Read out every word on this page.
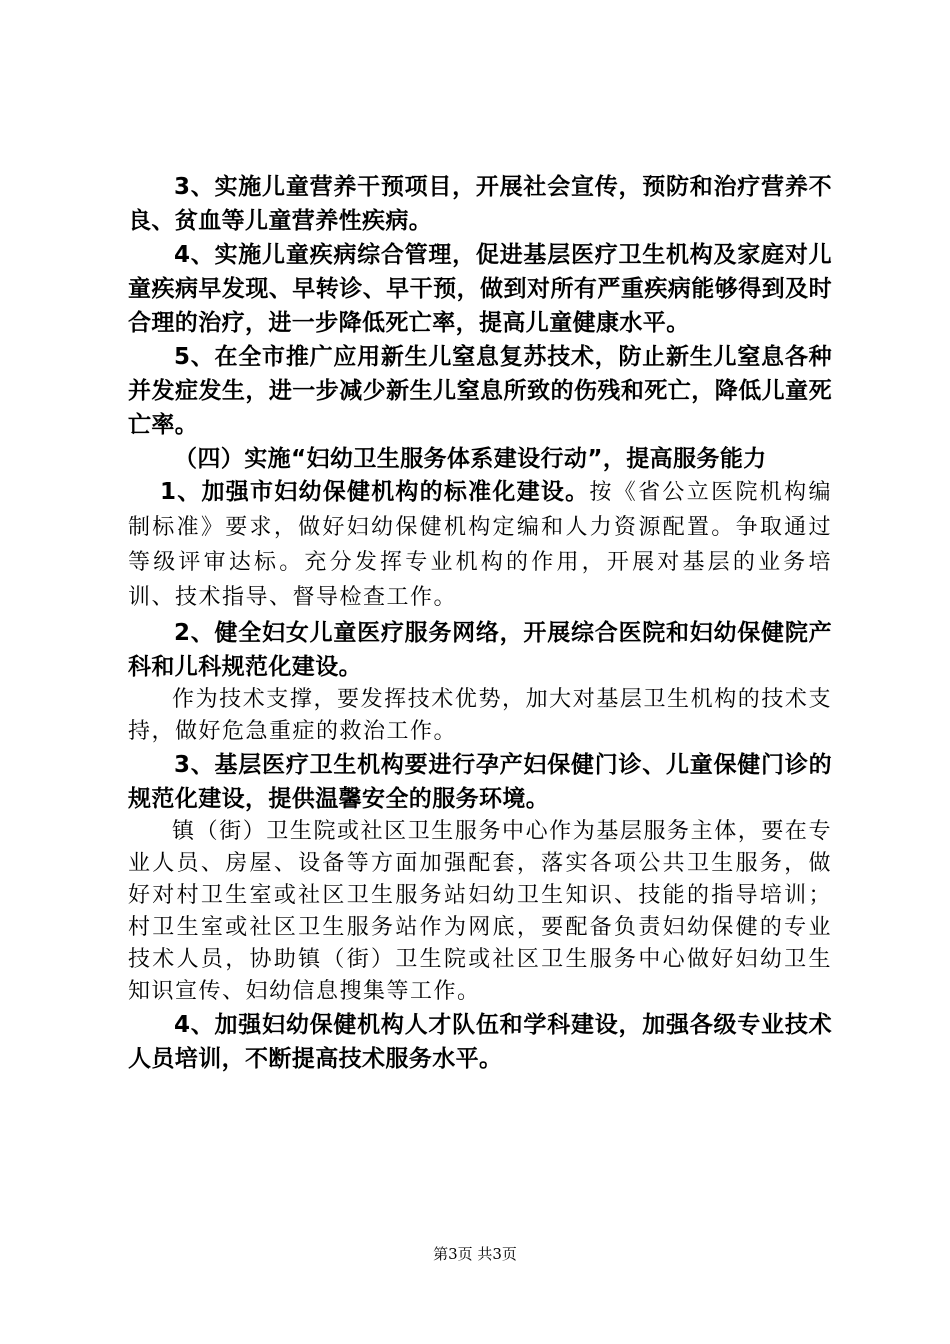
3、实施儿童营养干预项目，开展社会宣传，预防和治疗营养不良、贫血等儿童营养性疾病。

4、实施儿童疾病综合管理，促进基层医疗卫生机构及家庭对儿童疾病早发现、早转诊、早干预，做到对所有严重疾病能够得到及时合理的治疗，进一步降低死亡率，提高儿童健康水平。

5、在全市推广应用新生儿窒息复苏技术，防止新生儿窒息各种并发症发生，进一步减少新生儿窒息所致的伤残和死亡，降低儿童死亡率。

（四）实施“妇幼卫生服务体系建设行动”，提高服务能力

1、加强市妇幼保健机构的标准化建设。按《省公立医院机构编制标准》要求，做好妇幼保健机构定编和人力资源配置。争取通过等级评审达标。充分发挥专业机构的作用，开展对基层的业务培训、技术指导、督导检查工作。

2、健全妇女儿童医疗服务网络，开展综合医院和妇幼保健院产科和儿科规范化建设。

作为技术支撑，要发挥技术优势，加大对基层卫生机构的技术支持，做好危急重症的救治工作。

3、基层医疗卫生机构要进行孕产妇保健门诊、儿童保健门诊的规范化建设，提供温馨安全的服务环境。

镇（街）卫生院或社区卫生服务中心作为基层服务主体，要在专业人员、房屋、设备等方面加强配套，落实各项公共卫生服务，做好对村卫生室或社区卫生服务站妇幼卫生知识、技能的指导培训；村卫生室或社区卫生服务站作为网底，要配备负责妇幼保健的专业技术人员，协助镇（街）卫生院或社区卫生服务中心做好妇幼卫生知识宣传、妇幼信息搜集等工作。

4、加强妇幼保健机构人才队伍和学科建设，加强各级专业技术人员培训，不断提高技术服务水平。

第3页 共3页
